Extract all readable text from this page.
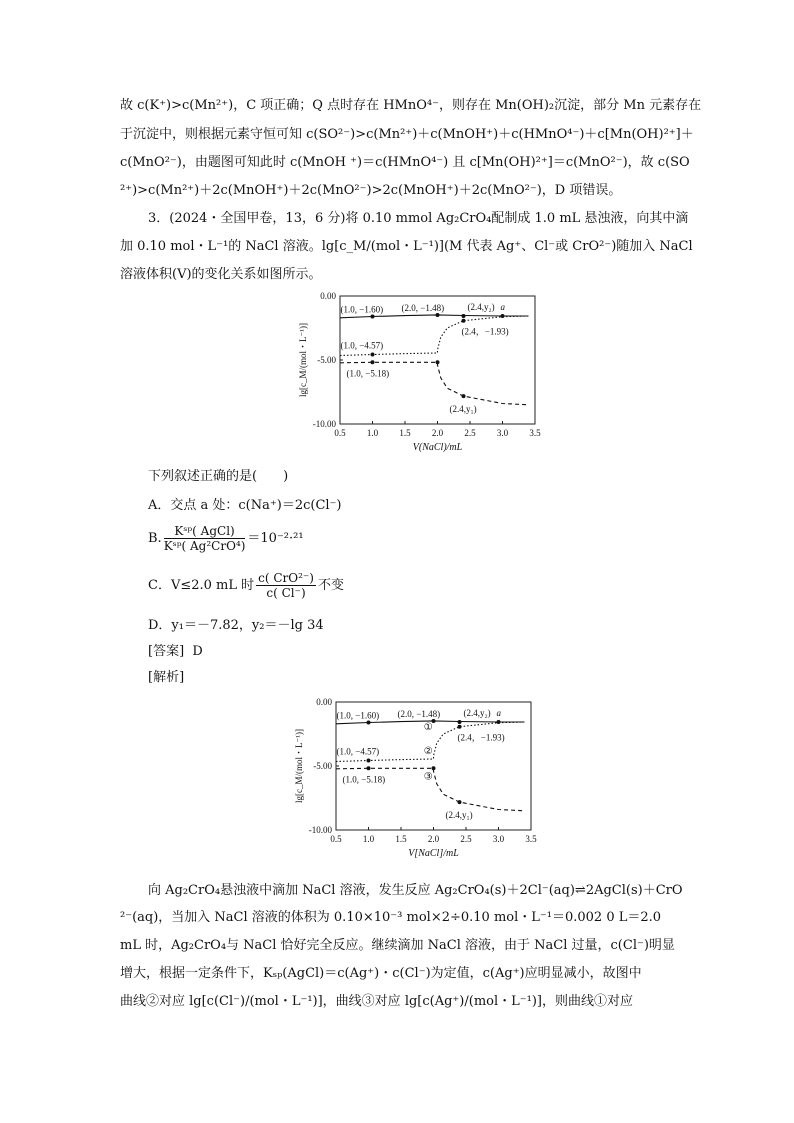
故 c(K⁺)>c(Mn²⁺)，C 项正确；Q 点时存在 HMnO⁴⁻，则存在 Mn(OH)₂沉淀，部分 Mn 元素存在
于沉淀中，则根据元素守恒可知 c(SO²⁻)>c(Mn²⁺)＋c(MnOH⁺)＋c(HMnO⁴⁻)＋c[Mn(OH)²⁺]＋
c(MnO²⁻)，由题图可知此时 c(MnOH ⁺)＝c(HMnO⁴⁻) 且 c[Mn(OH)²⁺]＝c(MnO²⁻)，故 c(SO
²⁺)>c(Mn²⁺)＋2c(MnOH⁺)＋2c(MnO²⁻)>2c(MnOH⁺)＋2c(MnO²⁻)，D 项错误。
3．(2024・全国甲卷，13，6 分)将 0.10 mmol Ag₂CrO₄配制成 1.0 mL 悬浊液，向其中滴
加 0.10 mol・L⁻¹的 NaCl 溶液。lg[c_M/(mol・L⁻¹)](M 代表 Ag⁺、Cl⁻或 CrO²⁻)随加入 NaCl
溶液体积(V)的变化关系如图所示。
0.5 1.0 1.5 2.0 2.5 3.0 3.5
0.00
-5.00
-10.00
V(NaCl)/mL
lg[c_M/(mol・L⁻¹)]
(1.0, −1.60) (2.0, −1.48)	(2.4,y₂) a
(2.4，−1.93)
(1.0, −4.57)
(1.0, −5.18)
(2.4,y₁)
下列叙述正确的是(　　)
A．交点 a 处：c(Na⁺)＝2c(Cl⁻)
B. $\frac{\text{Kˢᵖ( AgCl)}}{\text{Kˢᵖ( Ag²CrO⁴)}} =10^{-2}\cdot^{21}$
C．V≤2.0 mL 时 $\frac{\text{c( CrO²⁻)}}{c( Cl^-)}$ 不变
D．y₁＝－7.82，y₂＝－lg 34
[答案] D
[解析]
0.5 1.0 1.5 2.0 2.5 3.0 3.5
0.00
-5.00
-10.00
V[NaCl]/mL
lg[c_M/(mol・L⁻¹)]
(1.0, −1.60) (2.0, −1.48)	(2.4,y₂) a
(2.4，−1.93)
(1.0, −4.57)
(1.0, −5.18)
(2.4,y₁)
①
②
③
向 Ag₂CrO₄悬浊液中滴加 NaCl 溶液，发生反应 Ag₂CrO₄(s)＋2Cl⁻(aq)⇌2AgCl(s)＋CrO
²⁻(aq)，当加入 NaCl 溶液的体积为 0.10×10⁻³ mol×2÷0.10 mol・L⁻¹＝0.002 0 L＝2.0
mL 时，Ag₂CrO₄与 NaCl 恰好完全反应。继续滴加 NaCl 溶液，由于 NaCl 过量，c(Cl⁻)明显
增大，根据一定条件下，Kₛₚ(AgCl)＝c(Ag⁺)・c(Cl⁻)为定值，c(Ag⁺)应明显减小，故图中
曲线②对应 lg[c(Cl⁻)/(mol・L⁻¹)]，曲线③对应 lg[c(Ag⁺)/(mol・L⁻¹)]，则曲线①对应
